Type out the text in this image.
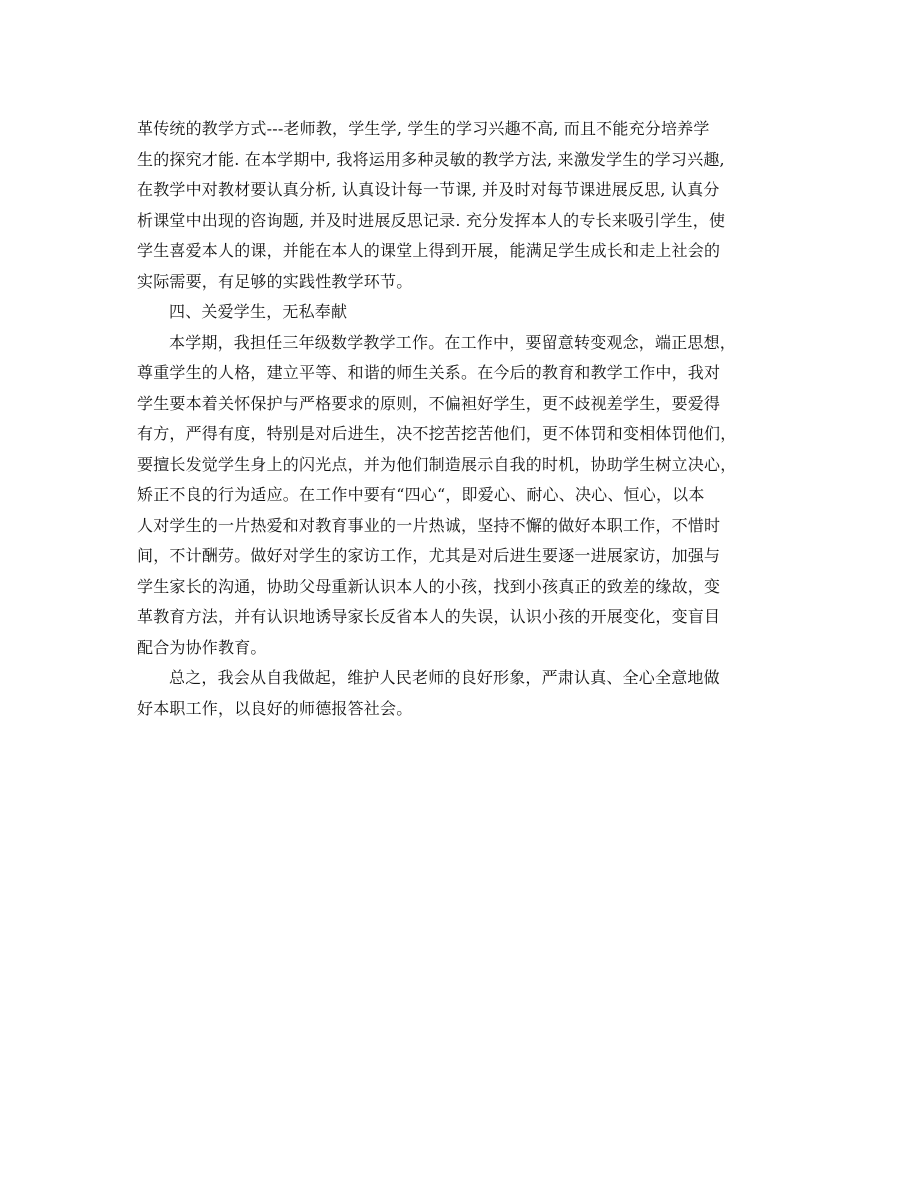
革传统的教学方式---老师教，学生学, 学生的学习兴趣不高, 而且不能充分培养学
生的探究才能. 在本学期中, 我将运用多种灵敏的教学方法, 来激发学生的学习兴趣,
在教学中对教材要认真分析, 认真设计每一节课, 并及时对每节课进展反思, 认真分
析课堂中出现的咨询题, 并及时进展反思记录. 充分发挥本人的专长来吸引学生，使
学生喜爱本人的课，并能在本人的课堂上得到开展，能满足学生成长和走上社会的
实际需要，有足够的实践性教学环节。
四、关爱学生，无私奉献
本学期，我担任三年级数学教学工作。在工作中，要留意转变观念，端正思想，
尊重学生的人格，建立平等、和谐的师生关系。在今后的教育和教学工作中，我对
学生要本着关怀保护与严格要求的原则，不偏袒好学生，更不歧视差学生，要爱得
有方，严得有度，特别是对后进生，决不挖苦挖苦他们，更不体罚和变相体罚他们，
要擅长发觉学生身上的闪光点，并为他们制造展示自我的时机，协助学生树立决心，
矫正不良的行为适应。在工作中要有“四心“，即爱心、耐心、决心、恒心，以本
人对学生的一片热爱和对教育事业的一片热诚，坚持不懈的做好本职工作，不惜时
间，不计酬劳。做好对学生的家访工作，尤其是对后进生要逐一进展家访，加强与
学生家长的沟通，协助父母重新认识本人的小孩，找到小孩真正的致差的缘故，变
革教育方法，并有认识地诱导家长反省本人的失误，认识小孩的开展变化，变盲目
配合为协作教育。
总之，我会从自我做起，维护人民老师的良好形象，严肃认真、全心全意地做
好本职工作，以良好的师德报答社会。
